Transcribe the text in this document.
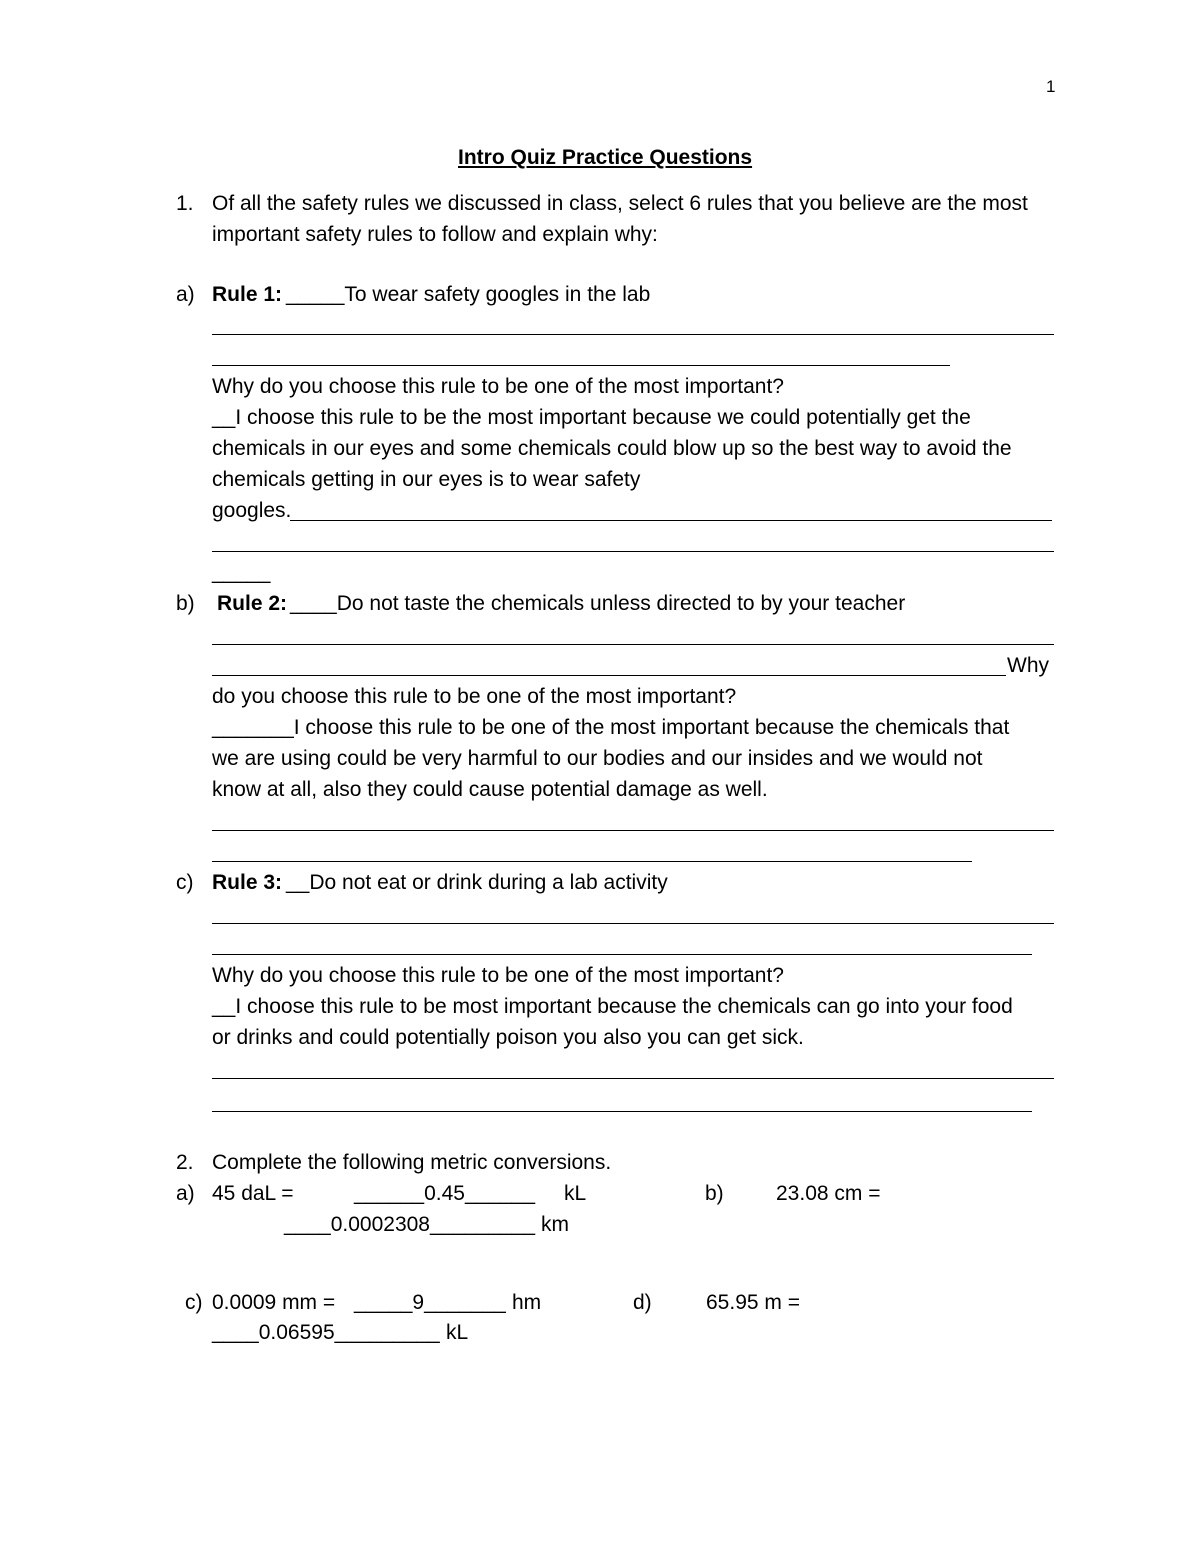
1
Intro Quiz Practice Questions
1. Of all the safety rules we discussed in class, select 6 rules that you believe are the most
important safety rules to follow and explain why:
a) Rule 1: _____To wear safety googles in the lab
Why do you choose this rule to be one of the most important?
__I choose this rule to be the most important because we could potentially get the
chemicals in our eyes and some chemicals could blow up so the best way to avoid the
chemicals getting in our eyes is to wear safety
googles.
_____
b) Rule 2: ____Do not taste the chemicals unless directed to by your teacher
Why
do you choose this rule to be one of the most important?
_______I choose this rule to be one of the most important because the chemicals that
we are using could be very harmful to our bodies and our insides and we would not
know at all, also they could cause potential damage as well.
c) Rule 3: __Do not eat or drink during a lab activity
Why do you choose this rule to be one of the most important?
__I choose this rule to be most important because the chemicals can go into your food
or drinks and could potentially poison you also you can get sick.
2. Complete the following metric conversions.
a) 45 daL =	______0.45______ kL	b) 23.08 cm =
____0.0002308_________ km
c) 0.0009 mm = _____9_______ hm	d)	65.95 m =
____0.06595_________ kL
